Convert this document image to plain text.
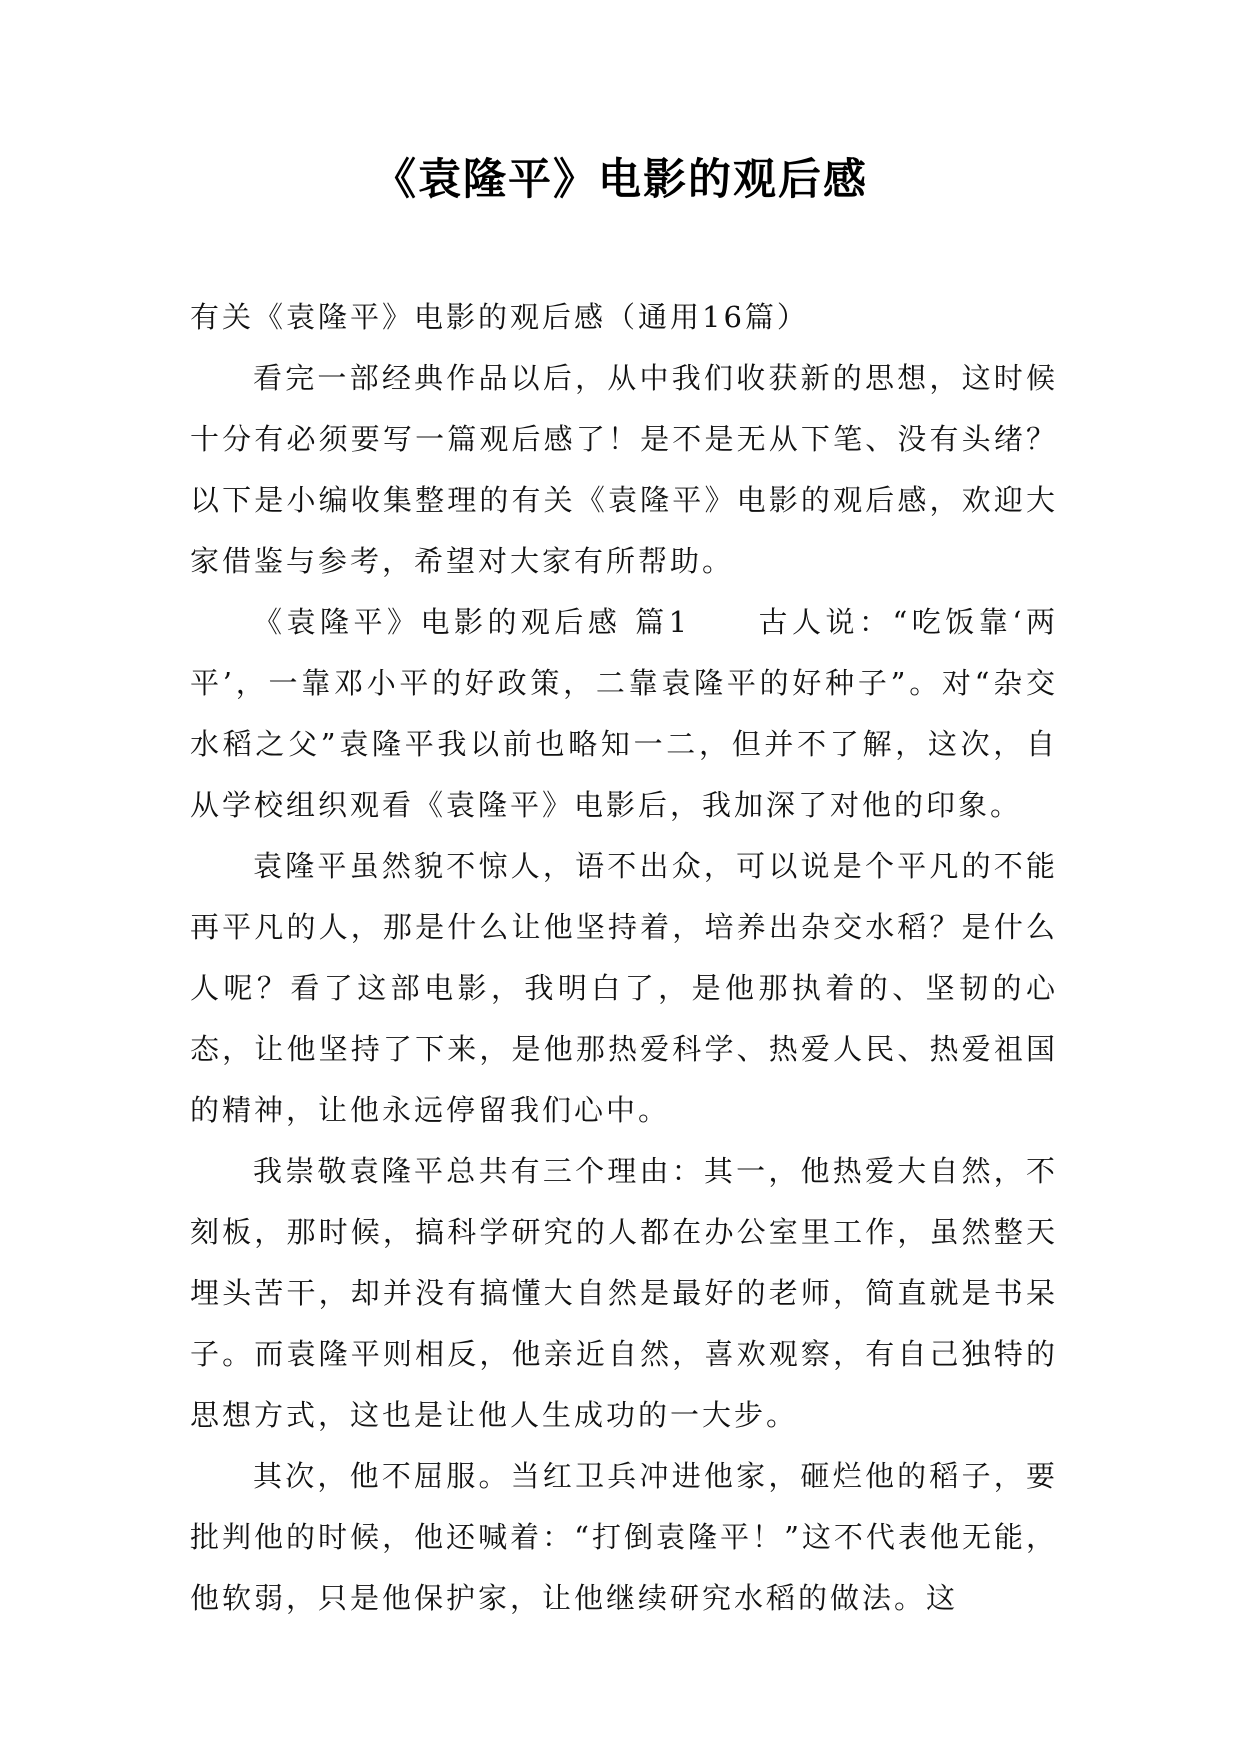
《袁隆平》电影的观后感

有关《袁隆平》电影的观后感（通用16篇）

看完一部经典作品以后，从中我们收获新的思想，这时候十分有必须要写一篇观后感了！是不是无从下笔、没有头绪？以下是小编收集整理的有关《袁隆平》电影的观后感，欢迎大家借鉴与参考，希望对大家有所帮助。

《袁隆平》电影的观后感 篇1　　古人说：“吃饭靠‘两平’，一靠邓小平的好政策，二靠袁隆平的好种子”。对“杂交水稻之父”袁隆平我以前也略知一二，但并不了解，这次，自从学校组织观看《袁隆平》电影后，我加深了对他的印象。

袁隆平虽然貌不惊人，语不出众，可以说是个平凡的不能再平凡的人，那是什么让他坚持着，培养出杂交水稻？是什么人呢？看了这部电影，我明白了，是他那执着的、坚韧的心态，让他坚持了下来，是他那热爱科学、热爱人民、热爱祖国的精神，让他永远停留我们心中。

我崇敬袁隆平总共有三个理由：其一，他热爱大自然，不刻板，那时候，搞科学研究的人都在办公室里工作，虽然整天埋头苦干，却并没有搞懂大自然是最好的老师，简直就是书呆子。而袁隆平则相反，他亲近自然，喜欢观察，有自己独特的思想方式，这也是让他人生成功的一大步。

其次，他不屈服。当红卫兵冲进他家，砸烂他的稻子，要批判他的时候，他还喊着：“打倒袁隆平！”这不代表他无能，他软弱，只是他保护家，让他继续研究水稻的做法。这
